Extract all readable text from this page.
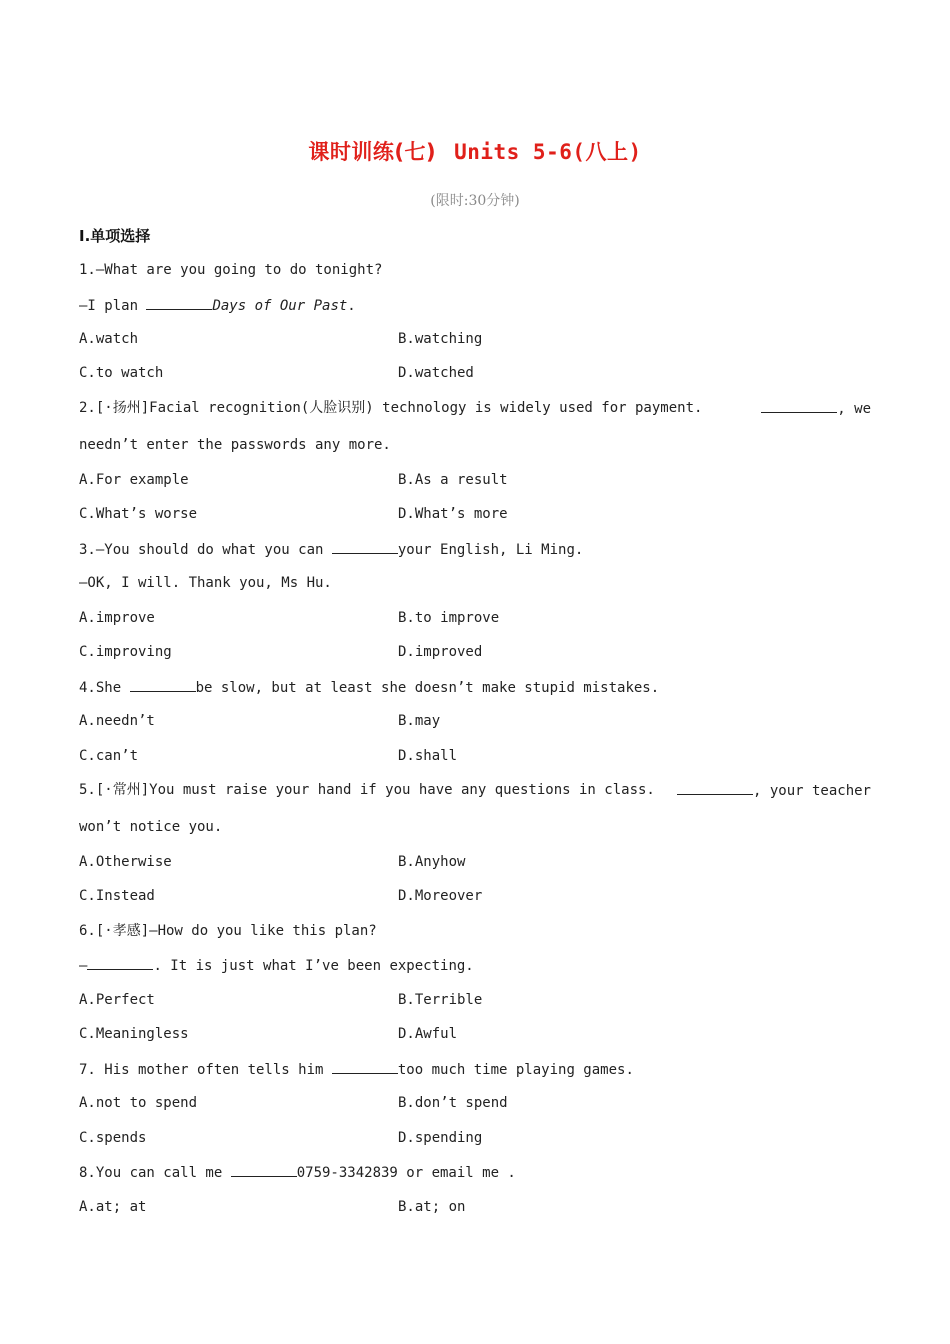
课时训练(七) Units 5-6(八上)
(限时:30分钟)
Ⅰ.单项选择
1.—What are you going to do tonight?
—I plan	Days of Our Past.
A.watch	B.watching
C.to watch	D.watched
2.[·扬州]Facial recognition(人脸识别) technology is widely used for payment.	, we
needn’t enter the passwords any more.
A.For example	B.As a result
C.What’s worse	D.What’s more
3.—You should do what you can	your English, Li Ming.
—OK, I will. Thank you, Ms Hu.
A.improve	B.to improve
C.improving	D.improved
4.She	be slow, but at least she doesn’t make stupid mistakes.
A.needn’t	B.may
C.can’t	D.shall
5.[·常州]You must raise your hand if you have any questions in class.	, your teacher
won’t notice you.
A.Otherwise	B.Anyhow
C.Instead	D.Moreover
6.[·孝感]—How do you like this plan?
—	. It is just what I’ve been expecting.
A.Perfect	B.Terrible
C.Meaningless	D.Awful
7. His mother often tells him	too much time playing games.
A.not to spend	B.don’t spend
C.spends	D.spending
8.You can call me	0759-3342839 or email me .
A.at; at	B.at; on
